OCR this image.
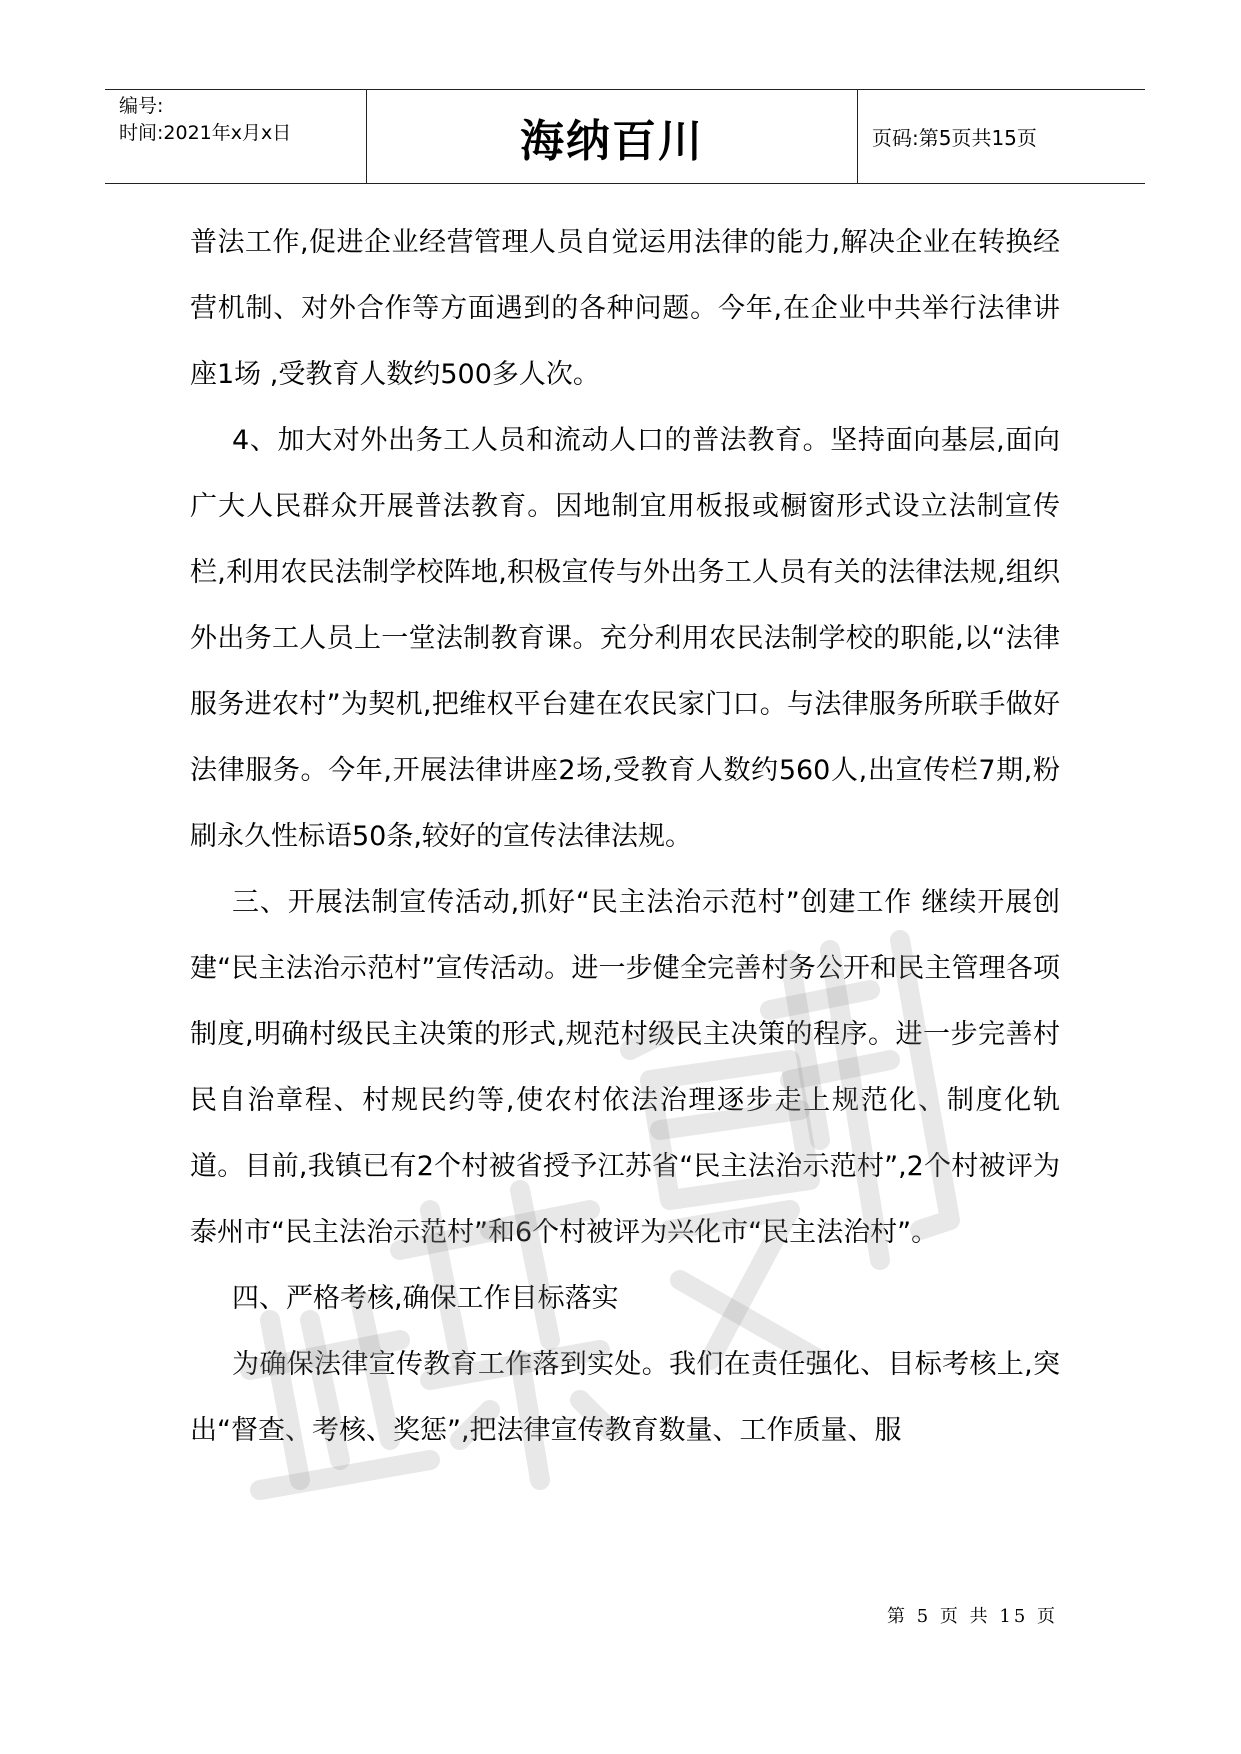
编号:
时间:2021年x月x日	海纳百川	页码:第5页共15页

普法工作,促进企业经营管理人员自觉运用法律的能力,解决企业在转换经营机制、对外合作等方面遇到的各种问题。今年,在企业中共举行法律讲座1场 ,受教育人数约500多人次。

4、加大对外出务工人员和流动人口的普法教育。坚持面向基层,面向广大人民群众开展普法教育。因地制宜用板报或橱窗形式设立法制宣传栏,利用农民法制学校阵地,积极宣传与外出务工人员有关的法律法规,组织外出务工人员上一堂法制教育课。充分利用农民法制学校的职能,以“法律服务进农村”为契机,把维权平台建在农民家门口。与法律服务所联手做好法律服务。今年,开展法律讲座2场,受教育人数约560人,出宣传栏7期,粉刷永久性标语50条,较好的宣传法律法规。

三、开展法制宣传活动,抓好“民主法治示范村”创建工作 继续开展创建“民主法治示范村”宣传活动。进一步健全完善村务公开和民主管理各项制度,明确村级民主决策的形式,规范村级民主决策的程序。进一步完善村民自治章程、村规民约等,使农村依法治理逐步走上规范化、制度化轨道。目前,我镇已有2个村被省授予江苏省“民主法治示范村”,2个村被评为泰州市“民主法治示范村”和6个村被评为兴化市“民主法治村”。

四、严格考核,确保工作目标落实

为确保法律宣传教育工作落到实处。我们在责任强化、目标考核上,突出“督查、考核、奖惩”,把法律宣传教育数量、工作质量、服

第 5 页 共 15 页
